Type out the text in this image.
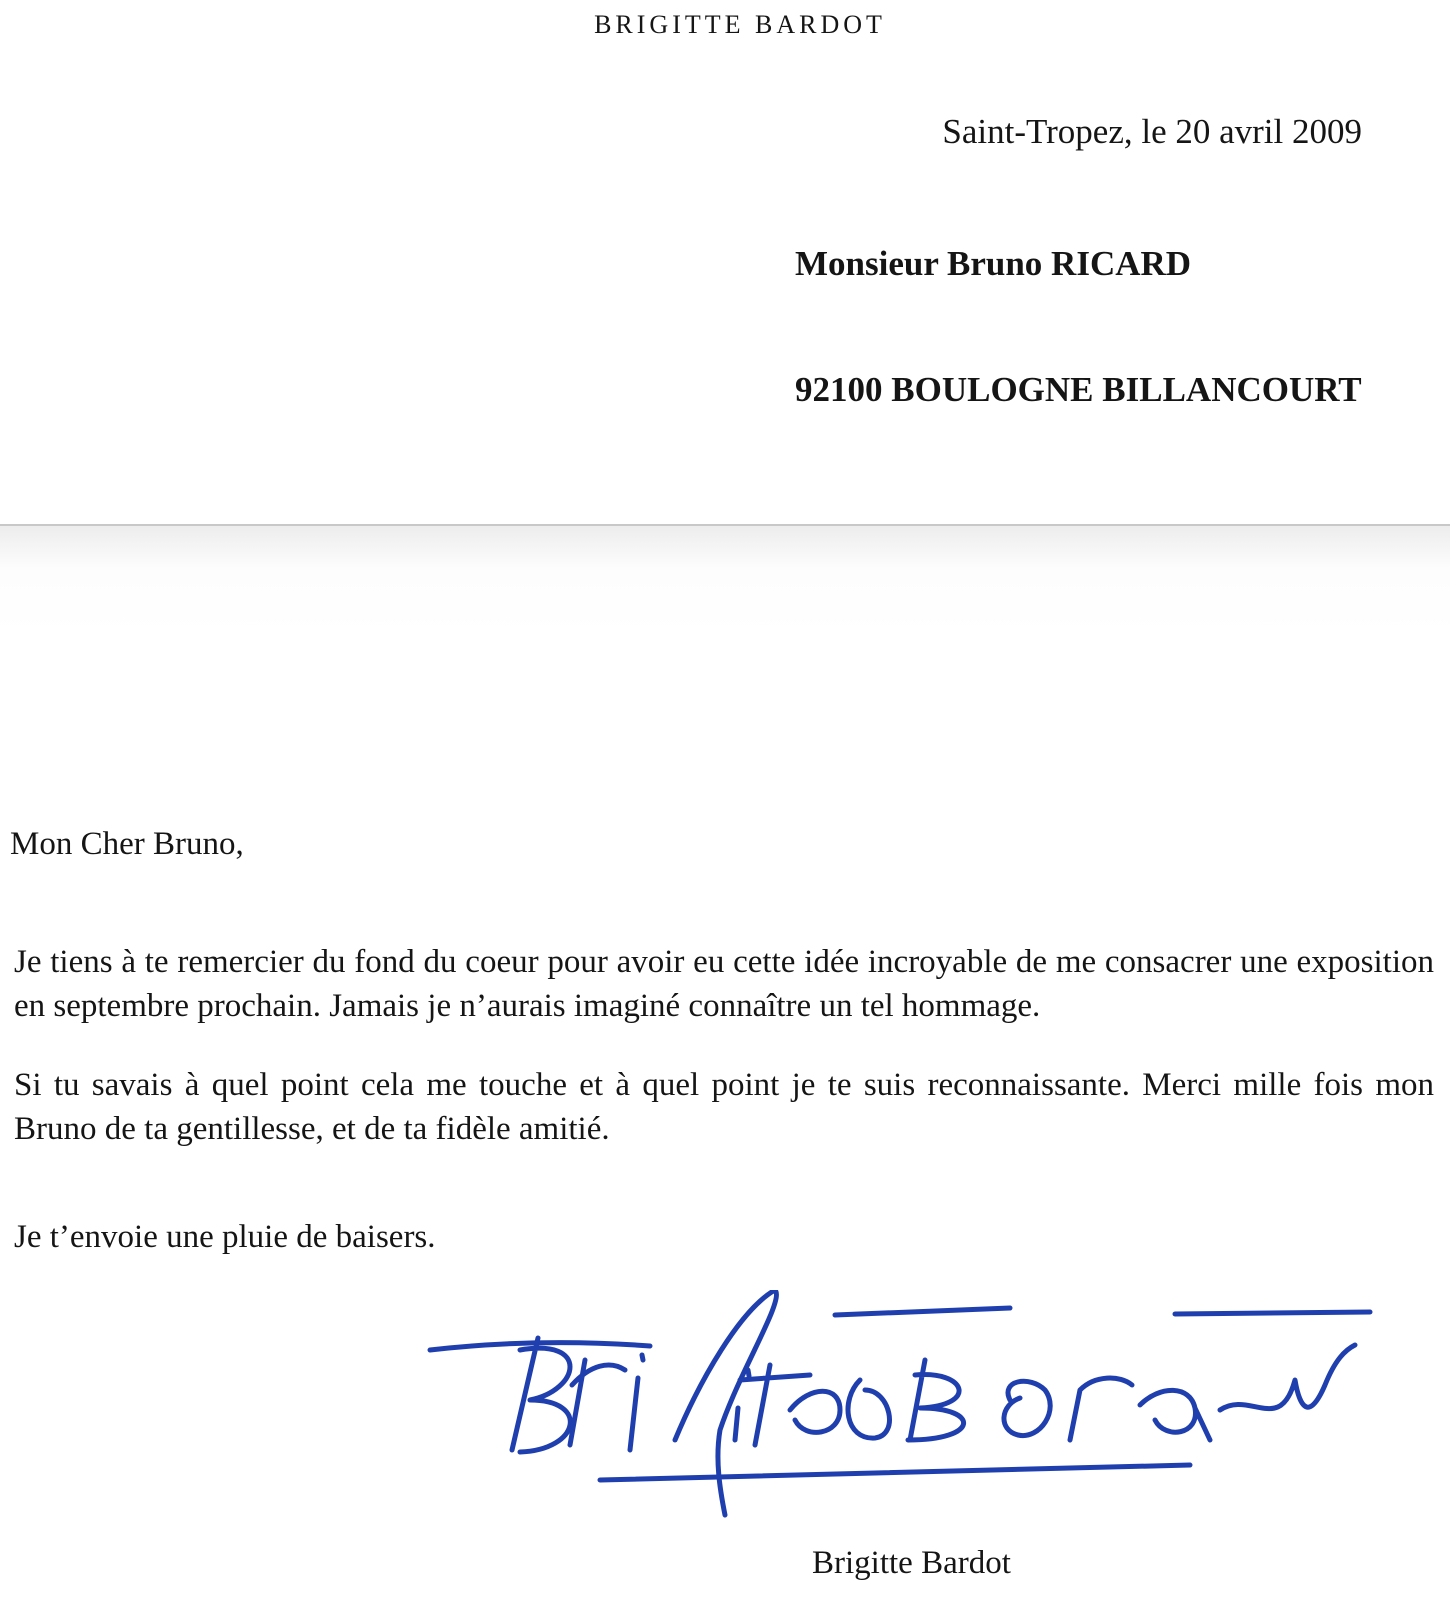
BRIGITTE BARDOT
Saint-Tropez, le 20 avril 2009
Monsieur Bruno RICARD
92100 BOULOGNE BILLANCOURT
Mon Cher Bruno,
Je tiens à te remercier du fond du coeur pour avoir eu cette idée incroyable de me consacrer une exposition en septembre prochain. Jamais je n’aurais imaginé connaître un tel hommage.
Si tu savais à quel point cela me touche et à quel point je te suis reconnaissante. Merci mille fois mon Bruno de ta gentillesse, et de ta fidèle amitié.
Je t’envoie une pluie de baisers.
Brigitte Bardot
